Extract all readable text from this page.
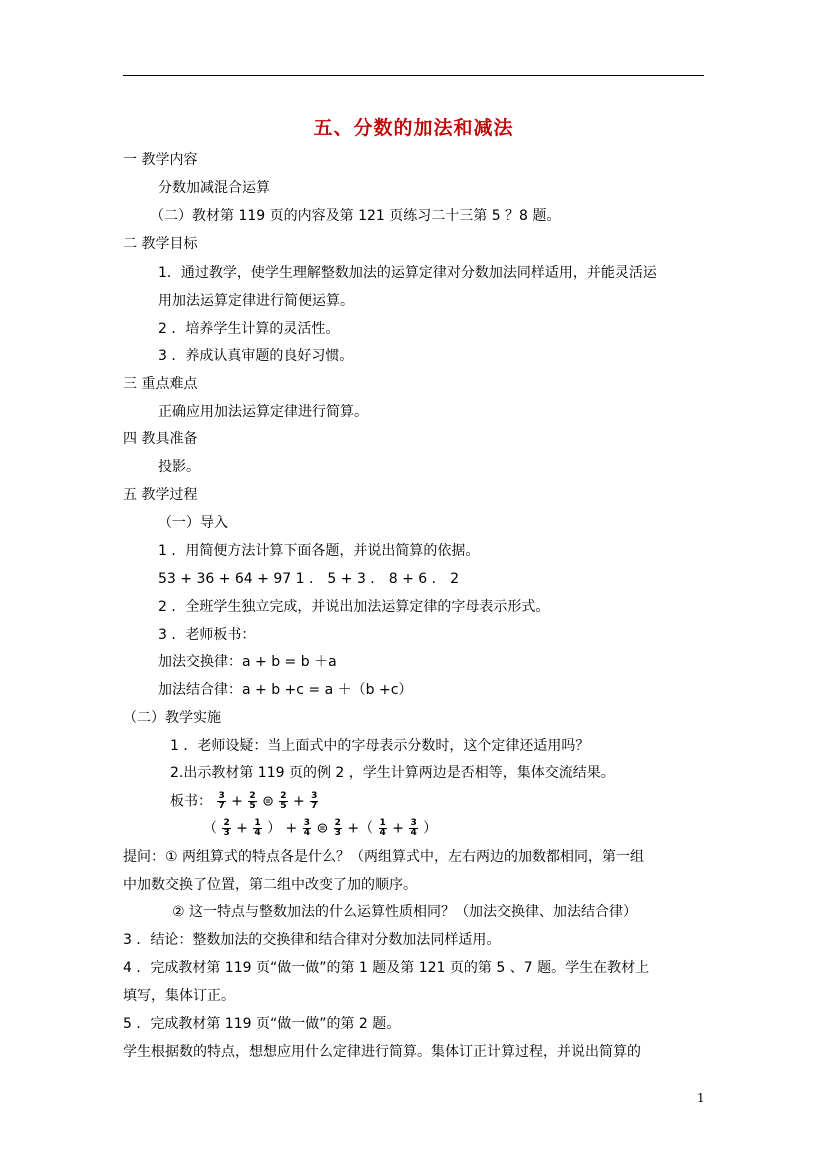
五、分数的加法和减法
一 教学内容
分数加减混合运算
（二）教材第 119 页的内容及第 121 页练习二十三第 5 ？8 题。
二 教学目标
1．通过教学，使学生理解整数加法的运算定律对分数加法同样适用，并能灵活运
用加法运算定律进行简便运算。
2 ．培养学生计算的灵活性。
3 ．养成认真审题的良好习惯。
三 重点难点
正确应用加法运算定律进行简算。
四 教具准备
投影。
五 教学过程
（一）导入
1 ．用简便方法计算下面各题，并说出简算的依据。
53 + 36 + 64 + 97 1 ． 5 + 3 ． 8 + 6 ． 2
2 ．全班学生独立完成，并说出加法运算定律的字母表示形式。
3 ．老师板书：
加法交换律：a + b = b ＋a
加法结合律：a + b +c = a ＋（b +c）
（二）教学实施
1 ．老师设疑：当上面式中的字母表示分数时，这个定律还适用吗？
2.出示教材第 119 页的例 2 ，学生计算两边是否相等，集体交流结果。
板书： $\frac{3}{7} + \frac{2}{5}$ ⊜ $\frac{2}{5} + \frac{3}{7}$
（ $\frac{2}{3} + \frac{1}{4}$ ） + $\frac{3}{4}$ ⊜ $\frac{2}{3}$ +（ $\frac{1}{4} + \frac{3}{4}$ ）
提问：① 两组算式的特点各是什么？（两组算式中，左右两边的加数都相同，第一组
中加数交换了位置，第二组中改变了加的顺序。
② 这一特点与整数加法的什么运算性质相同？（加法交换律、加法结合律）
3 ．结论：整数加法的交换律和结合律对分数加法同样适用。
4 ．完成教材第 119 页“做一做”的第 1 题及第 121 页的第 5 、7 题。学生在教材上
填写，集体订正。
5 ．完成教材第 119 页“做一做”的第 2 题。
学生根据数的特点，想想应用什么定律进行简算。集体订正计算过程，并说出简算的
1
